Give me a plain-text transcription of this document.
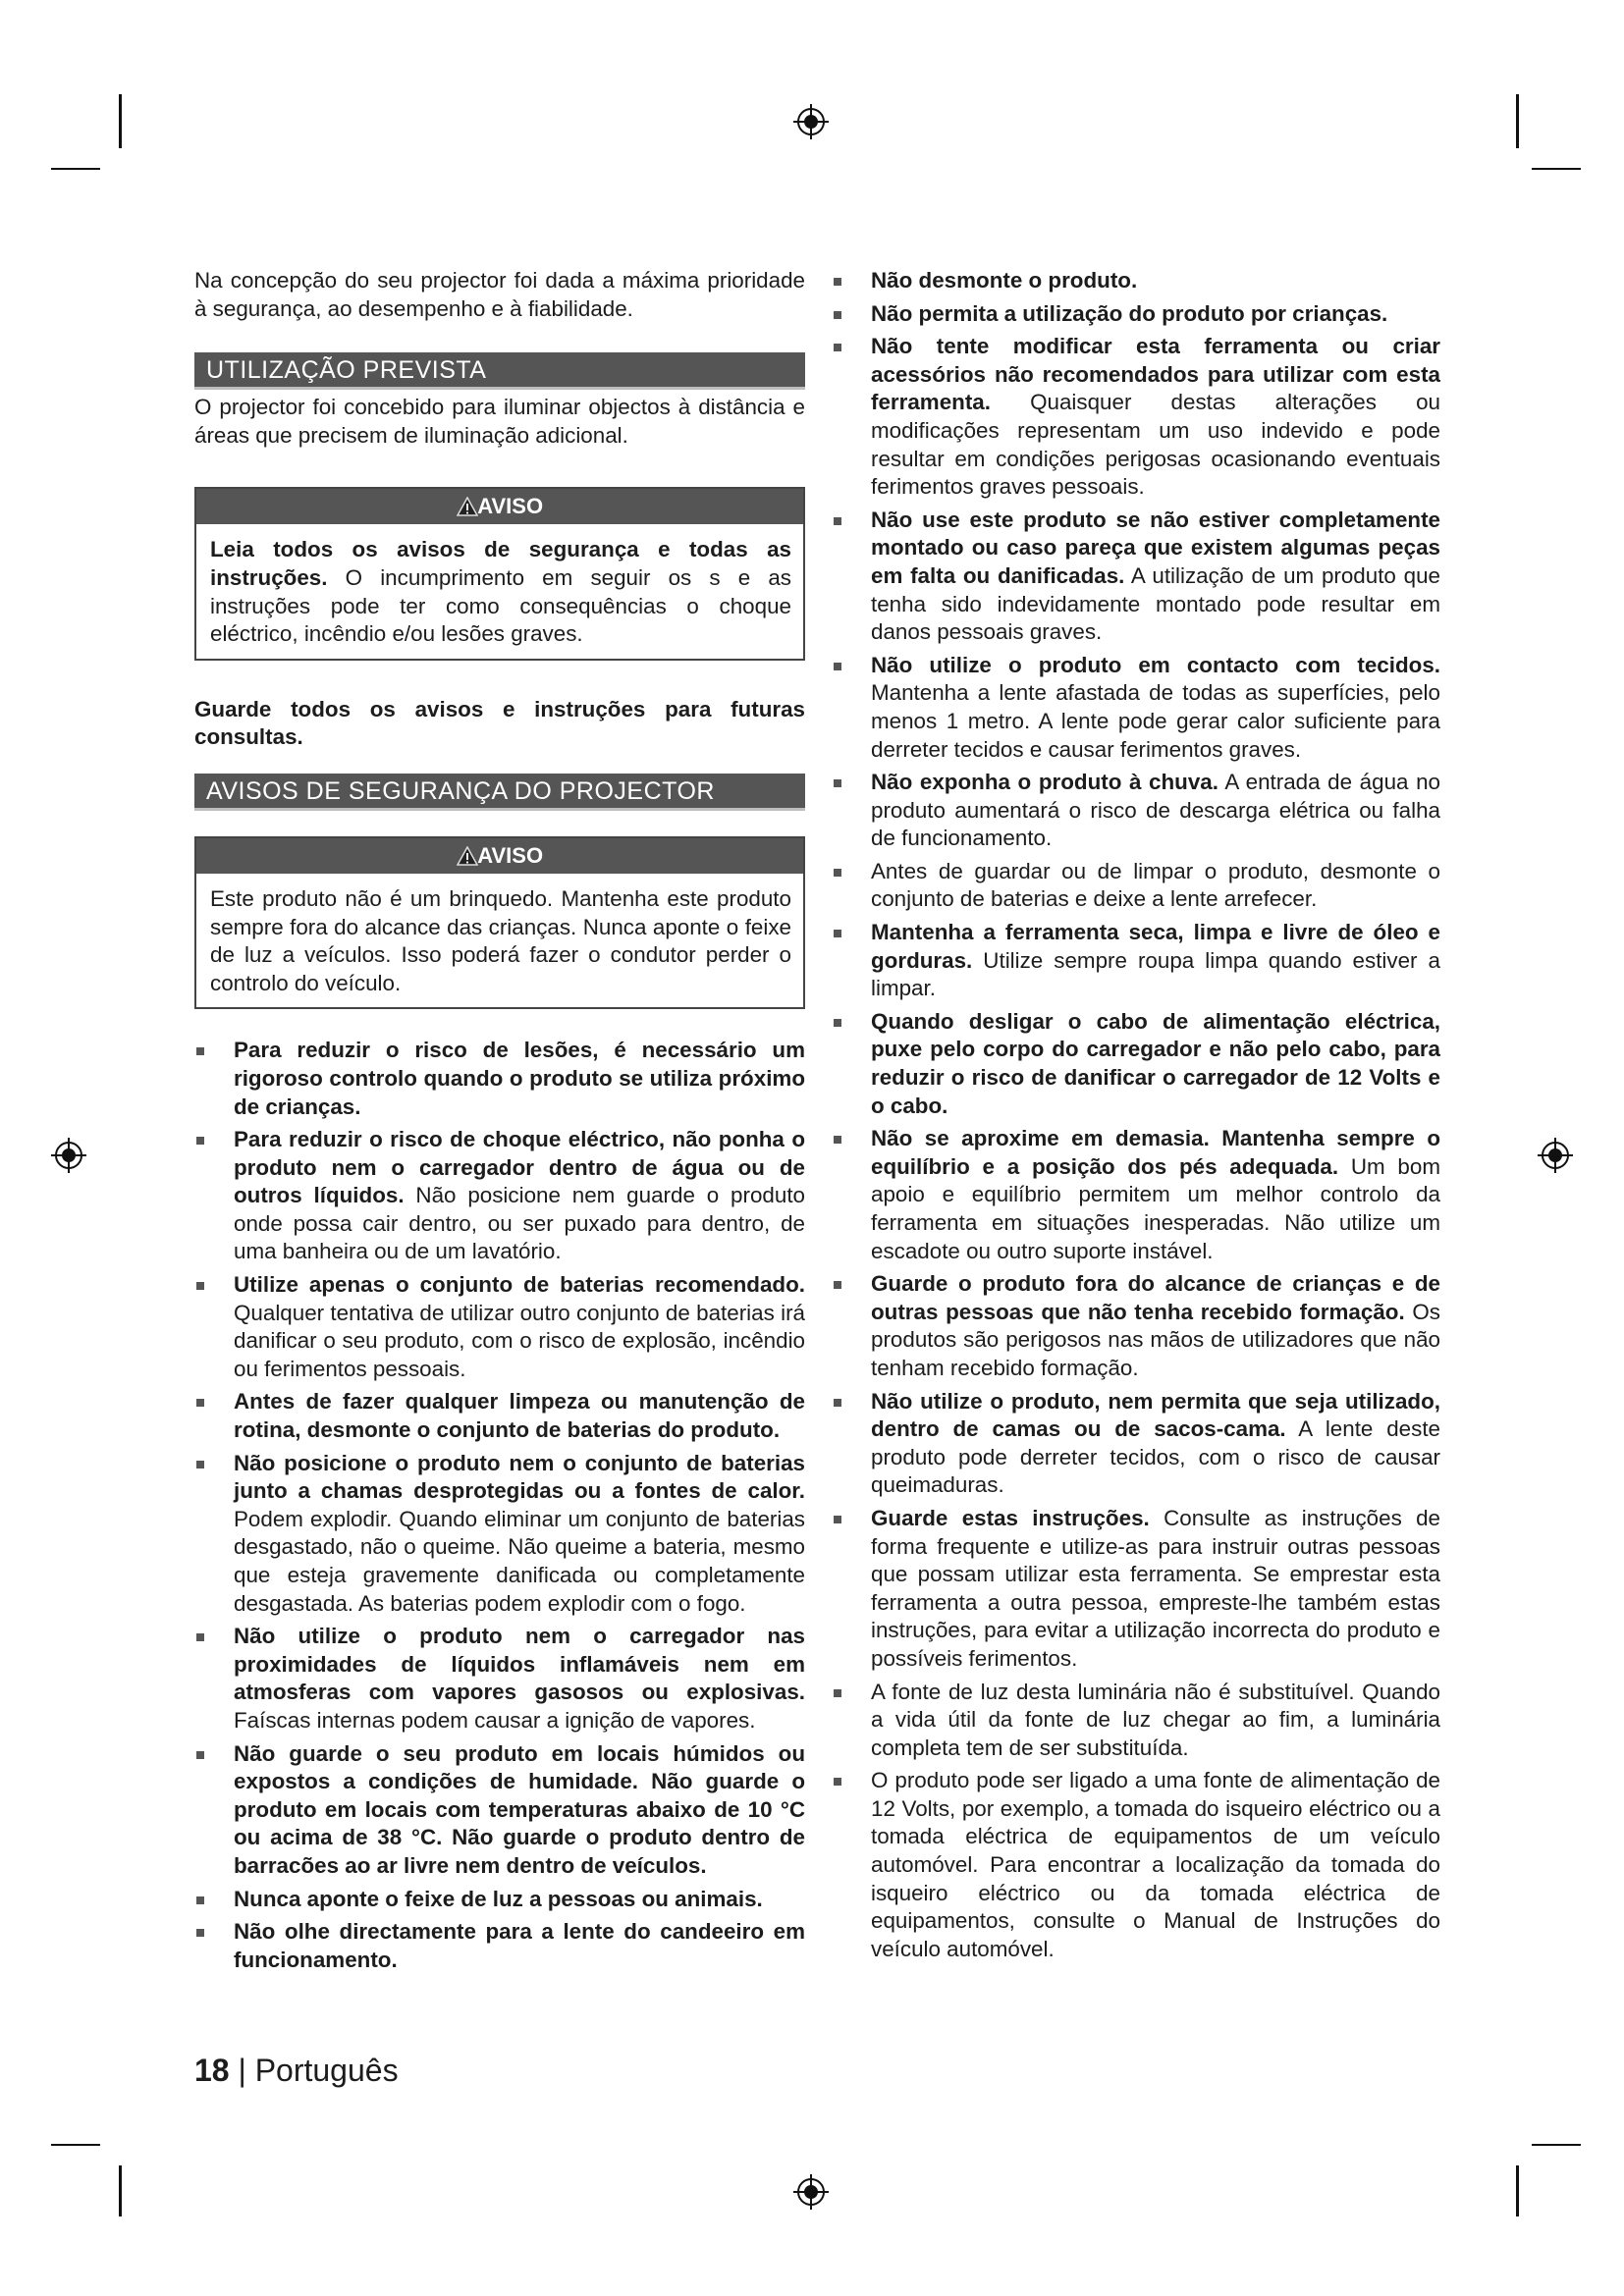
Na concepção do seu projector foi dada a máxima prioridade à segurança, ao desempenho e à fiabilidade.

UTILIZAÇÃO PREVISTA

O projector foi concebido para iluminar objectos à distância e áreas que precisem de iluminação adicional.

AVISO
Leia todos os avisos de segurança e todas as instruções. O incumprimento em seguir os s e as instruções pode ter como consequências o choque eléctrico, incêndio e/ou lesões graves.

Guarde todos os avisos e instruções para futuras consultas.

AVISOS DE SEGURANÇA DO PROJECTOR
AVISO
Este produto não é um brinquedo. Mantenha este produto sempre fora do alcance das crianças. Nunca aponte o feixe de luz a veículos. Isso poderá fazer o condutor perder o controlo do veículo.
Para reduzir o risco de lesões, é necessário um rigoroso controlo quando o produto se utiliza próximo de crianças.
Para reduzir o risco de choque eléctrico, não ponha o produto nem o carregador dentro de água ou de outros líquidos. Não posicione nem guarde o produto onde possa cair dentro, ou ser puxado para dentro, de uma banheira ou de um lavatório.
Utilize apenas o conjunto de baterias recomendado. Qualquer tentativa de utilizar outro conjunto de baterias irá danificar o seu produto, com o risco de explosão, incêndio ou ferimentos pessoais.
Antes de fazer qualquer limpeza ou manutenção de rotina, desmonte o conjunto de baterias do produto.
Não posicione o produto nem o conjunto de baterias junto a chamas desprotegidas ou a fontes de calor. Podem explodir. Quando eliminar um conjunto de baterias desgastado, não o queime. Não queime a bateria, mesmo que esteja gravemente danificada ou completamente desgastada. As baterias podem explodir com o fogo.
Não utilize o produto nem o carregador nas proximidades de líquidos inflamáveis nem em atmosferas com vapores gasosos ou explosivas. Faíscas internas podem causar a ignição de vapores.
Não guarde o seu produto em locais húmidos ou expostos a condições de humidade. Não guarde o produto em locais com temperaturas abaixo de 10 °C ou acima de 38 °C. Não guarde o produto dentro de barracões ao ar livre nem dentro de veículos.
Nunca aponte o feixe de luz a pessoas ou animais.
Não olhe directamente para a lente do candeeiro em funcionamento.
Não desmonte o produto.
Não permita a utilização do produto por crianças.
Não tente modificar esta ferramenta ou criar acessórios não recomendados para utilizar com esta ferramenta. Quaisquer destas alterações ou modificações representam um uso indevido e pode resultar em condições perigosas ocasionando eventuais ferimentos graves pessoais.
Não use este produto se não estiver completamente montado ou caso pareça que existem algumas peças em falta ou danificadas. A utilização de um produto que tenha sido indevidamente montado pode resultar em danos pessoais graves.
Não utilize o produto em contacto com tecidos. Mantenha a lente afastada de todas as superfícies, pelo menos 1 metro. A lente pode gerar calor suficiente para derreter tecidos e causar ferimentos graves.
Não exponha o produto à chuva. A entrada de água no produto aumentará o risco de descarga elétrica ou falha de funcionamento.
Antes de guardar ou de limpar o produto, desmonte o conjunto de baterias e deixe a lente arrefecer.
Mantenha a ferramenta seca, limpa e livre de óleo e gorduras. Utilize sempre roupa limpa quando estiver a limpar.
Quando desligar o cabo de alimentação eléctrica, puxe pelo corpo do carregador e não pelo cabo, para reduzir o risco de danificar o carregador de 12 Volts e o cabo.
Não se aproxime em demasia. Mantenha sempre o equilíbrio e a posição dos pés adequada. Um bom apoio e equilíbrio permitem um melhor controlo da ferramenta em situações inesperadas. Não utilize um escadote ou outro suporte instável.
Guarde o produto fora do alcance de crianças e de outras pessoas que não tenha recebido formação. Os produtos são perigosos nas mãos de utilizadores que não tenham recebido formação.
Não utilize o produto, nem permita que seja utilizado, dentro de camas ou de sacos-cama. A lente deste produto pode derreter tecidos, com o risco de causar queimaduras.
Guarde estas instruções. Consulte as instruções de forma frequente e utilize-as para instruir outras pessoas que possam utilizar esta ferramenta. Se emprestar esta ferramenta a outra pessoa, empreste-lhe também estas instruções, para evitar a utilização incorrecta do produto e possíveis ferimentos.
A fonte de luz desta luminária não é substituível. Quando a vida útil da fonte de luz chegar ao fim, a luminária completa tem de ser substituída.
O produto pode ser ligado a uma fonte de alimentação de 12 Volts, por exemplo, a tomada do isqueiro eléctrico ou a tomada eléctrica de equipamentos de um veículo automóvel. Para encontrar a localização da tomada do isqueiro eléctrico ou da tomada eléctrica de equipamentos, consulte o Manual de Instruções do veículo automóvel.
18 | Português
